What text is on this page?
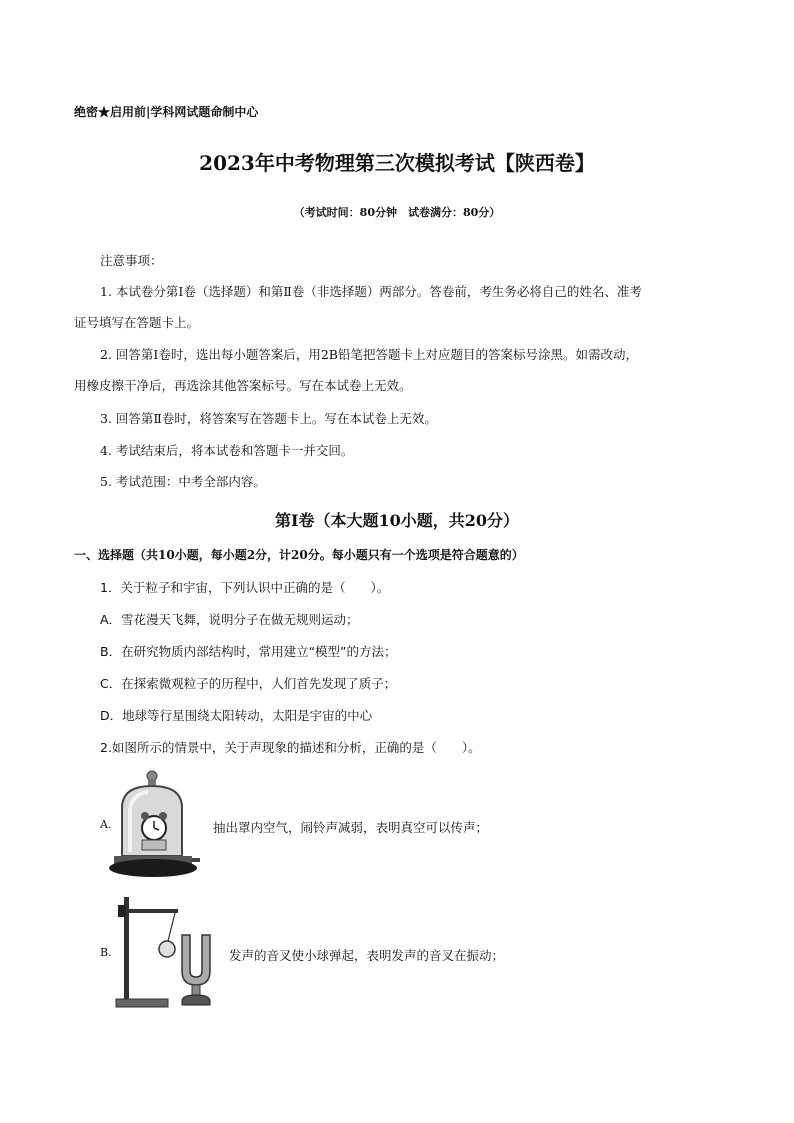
绝密★启用前|学科网试题命制中心
2023年中考物理第三次模拟考试【陕西卷】
（考试时间：80分钟　试卷满分：80分）
注意事项：
1. 本试卷分第Ⅰ卷（选择题）和第Ⅱ卷（非选择题）两部分。答卷前，考生务必将自己的姓名、准考
证号填写在答题卡上。
2. 回答第Ⅰ卷时，选出每小题答案后，用2B铅笔把答题卡上对应题目的答案标号涂黑。如需改动，
用橡皮擦干净后，再选涂其他答案标号。写在本试卷上无效。
3. 回答第Ⅱ卷时，将答案写在答题卡上。写在本试卷上无效。
4. 考试结束后，将本试卷和答题卡一并交回。
5. 考试范围：中考全部内容。
第Ⅰ卷（本大题10小题，共20分）
一、选择题（共10小题，每小题2分，计20分。每小题只有一个选项是符合题意的）
1．关于粒子和宇宙，下列认识中正确的是（　　）。
A．雪花漫天飞舞，说明分子在做无规则运动；
B．在研究物质内部结构时，常用建立“模型”的方法；
C．在探索微观粒子的历程中，人们首先发现了质子；
D．地球等行星围绕太阳转动，太阳是宇宙的中心
2.如图所示的情景中，关于声现象的描述和分析，正确的是（　　）。
A.	抽出罩内空气，闹铃声减弱，表明真空可以传声；
B.	发声的音叉使小球弹起，表明发声的音叉在振动；
